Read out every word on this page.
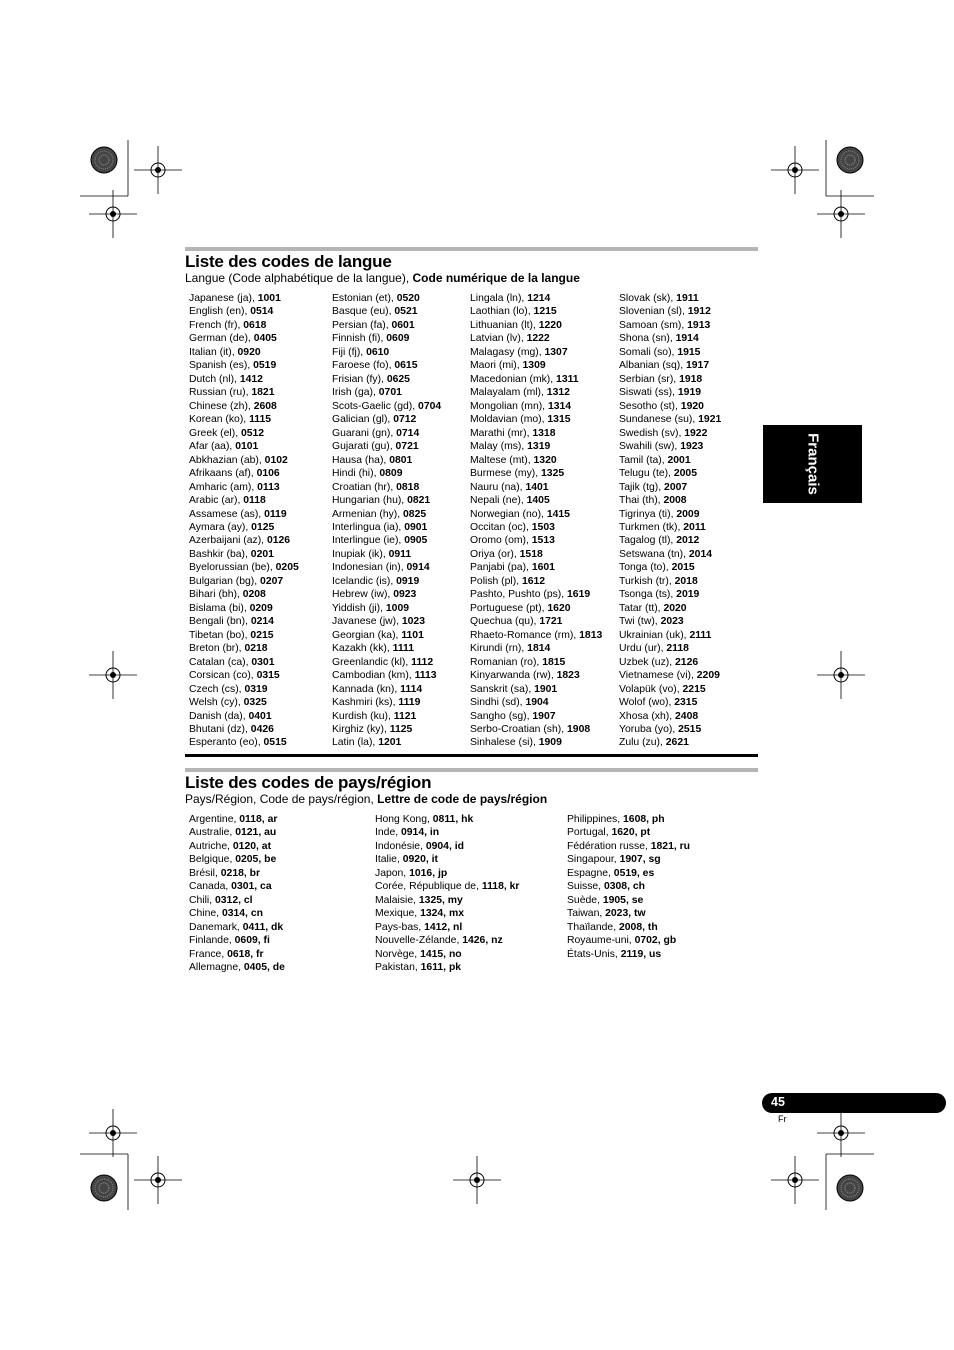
Liste des codes de langue
Langue (Code alphabétique de la langue), Code numérique de la langue
Japanese (ja), 1001
English (en), 0514
French (fr), 0618
German (de), 0405
Italian (it), 0920
Spanish (es), 0519
Dutch (nl), 1412
Russian (ru), 1821
Chinese (zh), 2608
Korean (ko), 1115
Greek (el), 0512
Afar (aa), 0101
Abkhazian (ab), 0102
Afrikaans (af), 0106
Amharic (am), 0113
Arabic (ar), 0118
Assamese (as), 0119
Aymara (ay), 0125
Azerbaijani (az), 0126
Bashkir (ba), 0201
Byelorussian (be), 0205
Bulgarian (bg), 0207
Bihari (bh), 0208
Bislama (bi), 0209
Bengali (bn), 0214
Tibetan (bo), 0215
Breton (br), 0218
Catalan (ca), 0301
Corsican (co), 0315
Czech (cs), 0319
Welsh (cy), 0325
Danish (da), 0401
Bhutani (dz), 0426
Esperanto (eo), 0515
Estonian (et), 0520
Basque (eu), 0521
Persian (fa), 0601
Finnish (fi), 0609
Fiji (fj), 0610
Faroese (fo), 0615
Frisian (fy), 0625
Irish (ga), 0701
Scots-Gaelic (gd), 0704
Galician (gl), 0712
Guarani (gn), 0714
Gujarati (gu), 0721
Hausa (ha), 0801
Hindi (hi), 0809
Croatian (hr), 0818
Hungarian (hu), 0821
Armenian (hy), 0825
Interlingua (ia), 0901
Interlingue (ie), 0905
Inupiak (ik), 0911
Indonesian (in), 0914
Icelandic (is), 0919
Hebrew (iw), 0923
Yiddish (ji), 1009
Javanese (jw), 1023
Georgian (ka), 1101
Kazakh (kk), 1111
Greenlandic (kl), 1112
Cambodian (km), 1113
Kannada (kn), 1114
Kashmiri (ks), 1119
Kurdish (ku), 1121
Kirghiz (ky), 1125
Latin (la), 1201
Lingala (ln), 1214
Laothian (lo), 1215
Lithuanian (lt), 1220
Latvian (lv), 1222
Malagasy (mg), 1307
Maori (mi), 1309
Macedonian (mk), 1311
Malayalam (ml), 1312
Mongolian (mn), 1314
Moldavian (mo), 1315
Marathi (mr), 1318
Malay (ms), 1319
Maltese (mt), 1320
Burmese (my), 1325
Nauru (na), 1401
Nepali (ne), 1405
Norwegian (no), 1415
Occitan (oc), 1503
Oromo (om), 1513
Oriya (or), 1518
Panjabi (pa), 1601
Polish (pl), 1612
Pashto, Pushto (ps), 1619
Portuguese (pt), 1620
Quechua (qu), 1721
Rhaeto-Romance (rm), 1813
Kirundi (rn), 1814
Romanian (ro), 1815
Kinyarwanda (rw), 1823
Sanskrit (sa), 1901
Sindhi (sd), 1904
Sangho (sg), 1907
Serbo-Croatian (sh), 1908
Sinhalese (si), 1909
Slovak (sk), 1911
Slovenian (sl), 1912
Samoan (sm), 1913
Shona (sn), 1914
Somali (so), 1915
Albanian (sq), 1917
Serbian (sr), 1918
Siswati (ss), 1919
Sesotho (st), 1920
Sundanese (su), 1921
Swedish (sv), 1922
Swahili (sw), 1923
Tamil (ta), 2001
Telugu (te), 2005
Tajik (tg), 2007
Thai (th), 2008
Tigrinya (ti), 2009
Turkmen (tk), 2011
Tagalog (tl), 2012
Setswana (tn), 2014
Tonga (to), 2015
Turkish (tr), 2018
Tsonga (ts), 2019
Tatar (tt), 2020
Twi (tw), 2023
Ukrainian (uk), 2111
Urdu (ur), 2118
Uzbek (uz), 2126
Vietnamese (vi), 2209
Volapük (vo), 2215
Wolof (wo), 2315
Xhosa (xh), 2408
Yoruba (yo), 2515
Zulu (zu), 2621
Liste des codes de pays/région
Pays/Région, Code de pays/région, Lettre de code de pays/région
Argentine, 0118, ar
Australie, 0121, au
Autriche, 0120, at
Belgique, 0205, be
Brésil, 0218, br
Canada, 0301, ca
Chili, 0312, cl
Chine, 0314, cn
Danemark, 0411, dk
Finlande, 0609, fi
France, 0618, fr
Allemagne, 0405, de
Hong Kong, 0811, hk
Inde, 0914, in
Indonésie, 0904, id
Italie, 0920, it
Japon, 1016, jp
Corée, République de, 1118, kr
Malaisie, 1325, my
Mexique, 1324, mx
Pays-bas, 1412, nl
Nouvelle-Zélande, 1426, nz
Norvège, 1415, no
Pakistan, 1611, pk
Philippines, 1608, ph
Portugal, 1620, pt
Fédération russe, 1821, ru
Singapour, 1907, sg
Espagne, 0519, es
Suisse, 0308, ch
Suède, 1905, se
Taiwan, 2023, tw
Thaïlande, 2008, th
Royaume-uni, 0702, gb
États-Unis, 2119, us
Français
45
Fr
